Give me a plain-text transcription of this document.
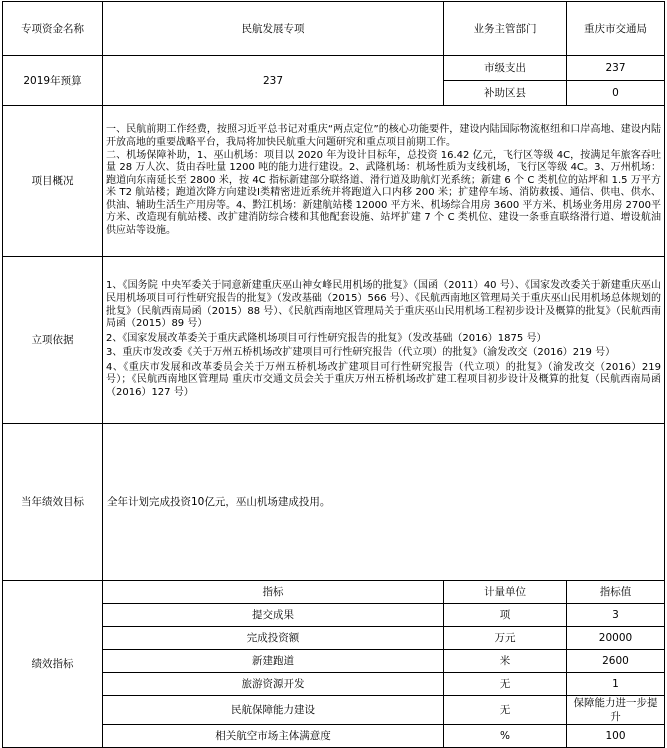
专项资金名称	民航发展专项	业务主管部门	重庆市交通局
2019年预算	237	市级支出	237
		补助区县	0
项目概况	一、民航前期工作经费，按照习近平总书记对重庆“两点定位”的核心功能要件，建设内陆国际物流枢纽和口岸高地、建设内陆开放高地的重要战略平台，我局将加快民航重大问题研究和重点项目前期工作。

二、机场保障补助，1、巫山机场：项目以 2020 年为设计目标年，总投资 16.42 亿元，飞行区等级 4C，按满足年旅客吞吐量 28 万人次、货由吞吐量 1200 吨的能力进行建设。2、武隆机场：机场性质为支线机场，飞行区等级 4C。3、万州机场：跑道向东南延长至 2800 米，按 4C 指标新建部分联络道、滑行道及助航灯光系统；新建 6 个 C 类机位的站坪和 1.5 万平方米 T2 航站楼；跑道次降方向建设Ⅰ类精密进近系统并将跑道入口内移 200 米；扩建停车场、消防救援、通信、供电、供水、供油、辅助生活生产用房等。4、黔江机场：新建航站楼 12000 平方米、机场综合用房 3600 平方米、机场业务用房 2700平方米、改造现有航站楼、改扩建消防综合楼和其他配套设施、站坪扩建 7 个 C 类机位、建设一条垂直联络滑行道、增设航油供应站等设施。		

立项依据	1、《国务院 中央军委关于同意新建重庆巫山神女峰民用机场的批复》（国函（2011）40 号）、《国家发改委关于新建重庆巫山民用机场项目可行性研究报告的批复》（发改基础（2015）566 号）、《民航西南地区管理局关于重庆巫山民用机场总体规划的批复》（民航西南局函（2015）88 号）、《民航西南地区管理局关于重庆巫山民用机场工程初步设计及概算的批复》（民航西南局函（2015）89 号）

2、《国家发展改革委关于重庆武隆机场项目可行性研究报告的批复》（发改基础（2016）1875 号）

3、重庆市发改委《关于万州五桥机场改扩建项目可行性研究报告（代立项）的批复》（渝发改交（2016）219 号）

4、《重庆市发展和改革委员会关于万州五桥机场改扩建项目可行性研究报告（代立项）的批复》（渝发改交（2016）219 号）；《民航西南地区管理局 重庆市交通文员会关于重庆万州五桥机场改扩建工程项目初步设计及概算的批复（民航西南局函（2016）127 号）		

当年绩效目标	全年计划完成投资10亿元，巫山机场建成投用。		
绩效指标	指标	计量单位	指标值
	提交成果	项	3
	完成投资额	万元	20000
	新建跑道	米	2600
	旅游资源开发	无	1
	民航保障能力建设	无	保障能力进一步提升
	相关航空市场主体满意度	%	100
